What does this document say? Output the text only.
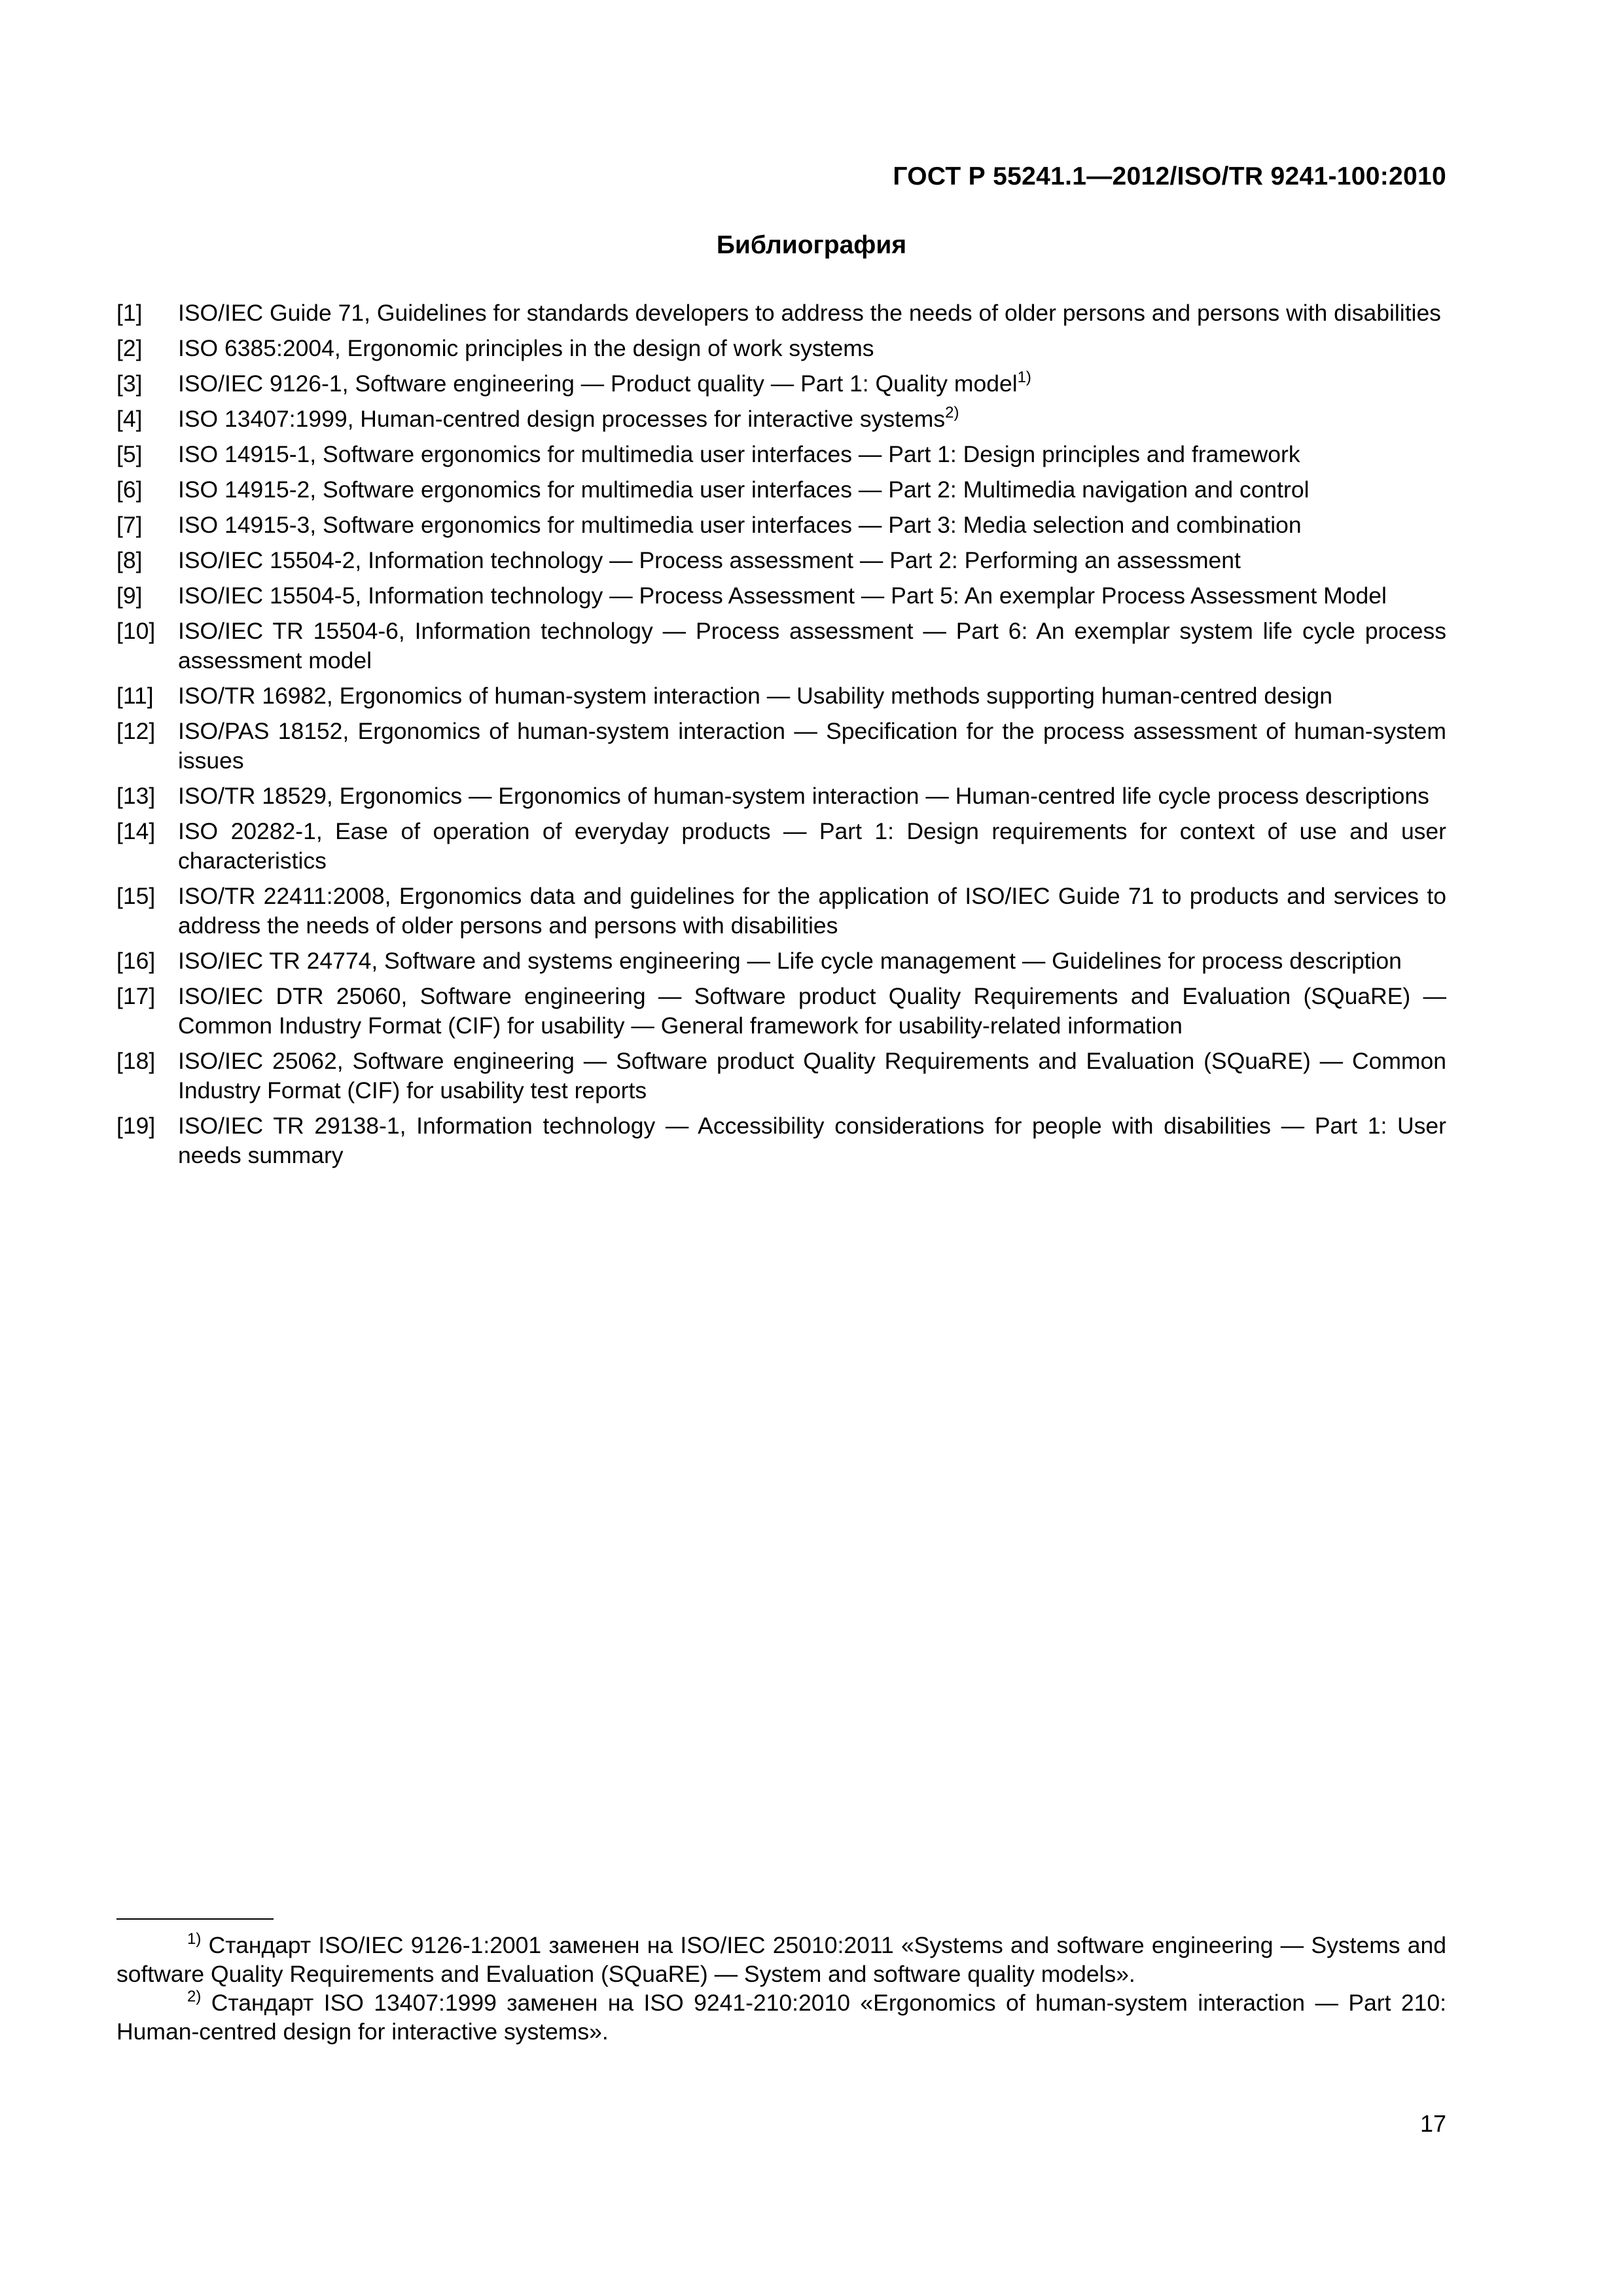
ГОСТ Р 55241.1—2012/ISO/TR 9241-100:2010
Библиография
[1]	ISO/IEC Guide 71, Guidelines for standards developers to address the needs of older persons and persons with disabilities
[2]	ISO 6385:2004, Ergonomic principles in the design of work systems
[3]	ISO/IEC 9126-1, Software engineering — Product quality — Part 1: Quality model$^{1)}$
[4]	ISO 13407:1999, Human-centred design processes for interactive systems$^{2)}$
[5]	ISO 14915-1, Software ergonomics for multimedia user interfaces — Part 1: Design principles and framework
[6]	ISO 14915-2, Software ergonomics for multimedia user interfaces — Part 2: Multimedia navigation and control
[7]	ISO 14915-3, Software ergonomics for multimedia user interfaces — Part 3: Media selection and combination
[8]	ISO/IEC 15504-2, Information technology — Process assessment — Part 2: Performing an assessment
[9]	ISO/IEC 15504-5, Information technology — Process Assessment — Part 5: An exemplar Process Assessment Model
[10] ISO/IEC TR 15504-6, Information technology — Process assessment — Part 6: An exemplar system life cycle process assessment model
[11]	ISO/TR 16982, Ergonomics of human-system interaction — Usability methods supporting human-centred design
[12] ISO/PAS 18152, Ergonomics of human-system interaction — Specification for the process assessment of human-system issues
[13] ISO/TR 18529, Ergonomics — Ergonomics of human-system interaction — Human-centred life cycle process descriptions
[14] ISO 20282-1, Ease of operation of everyday products — Part 1: Design requirements for context of use and user characteristics
[15] ISO/TR 22411:2008, Ergonomics data and guidelines for the application of ISO/IEC Guide 71 to products and services to address the needs of older persons and persons with disabilities
[16] ISO/IEC TR 24774, Software and systems engineering — Life cycle management — Guidelines for process description
[17] ISO/IEC DTR 25060, Software engineering — Software product Quality Requirements and Evaluation (SQuaRE) — Common Industry Format (CIF) for usability — General framework for usability-related information
[18] ISO/IEC 25062, Software engineering — Software product Quality Requirements and Evaluation (SQuaRE) — Common Industry Format (CIF) for usability test reports
[19] ISO/IEC TR 29138-1, Information technology — Accessibility considerations for people with disabilities — Part 1: User needs summary

$^{1)}$ Стандарт ISO/IEC 9126-1:2001 заменен на ISO/IEC 25010:2011 «Systems and software engineering — Systems and software Quality Requirements and Evaluation (SQuaRE) — System and software quality models».

$^{2)}$ Стандарт ISO 13407:1999 заменен на ISO 9241-210:2010 «Ergonomics of human-system interaction — Part 210: Human-centred design for interactive systems».

17
